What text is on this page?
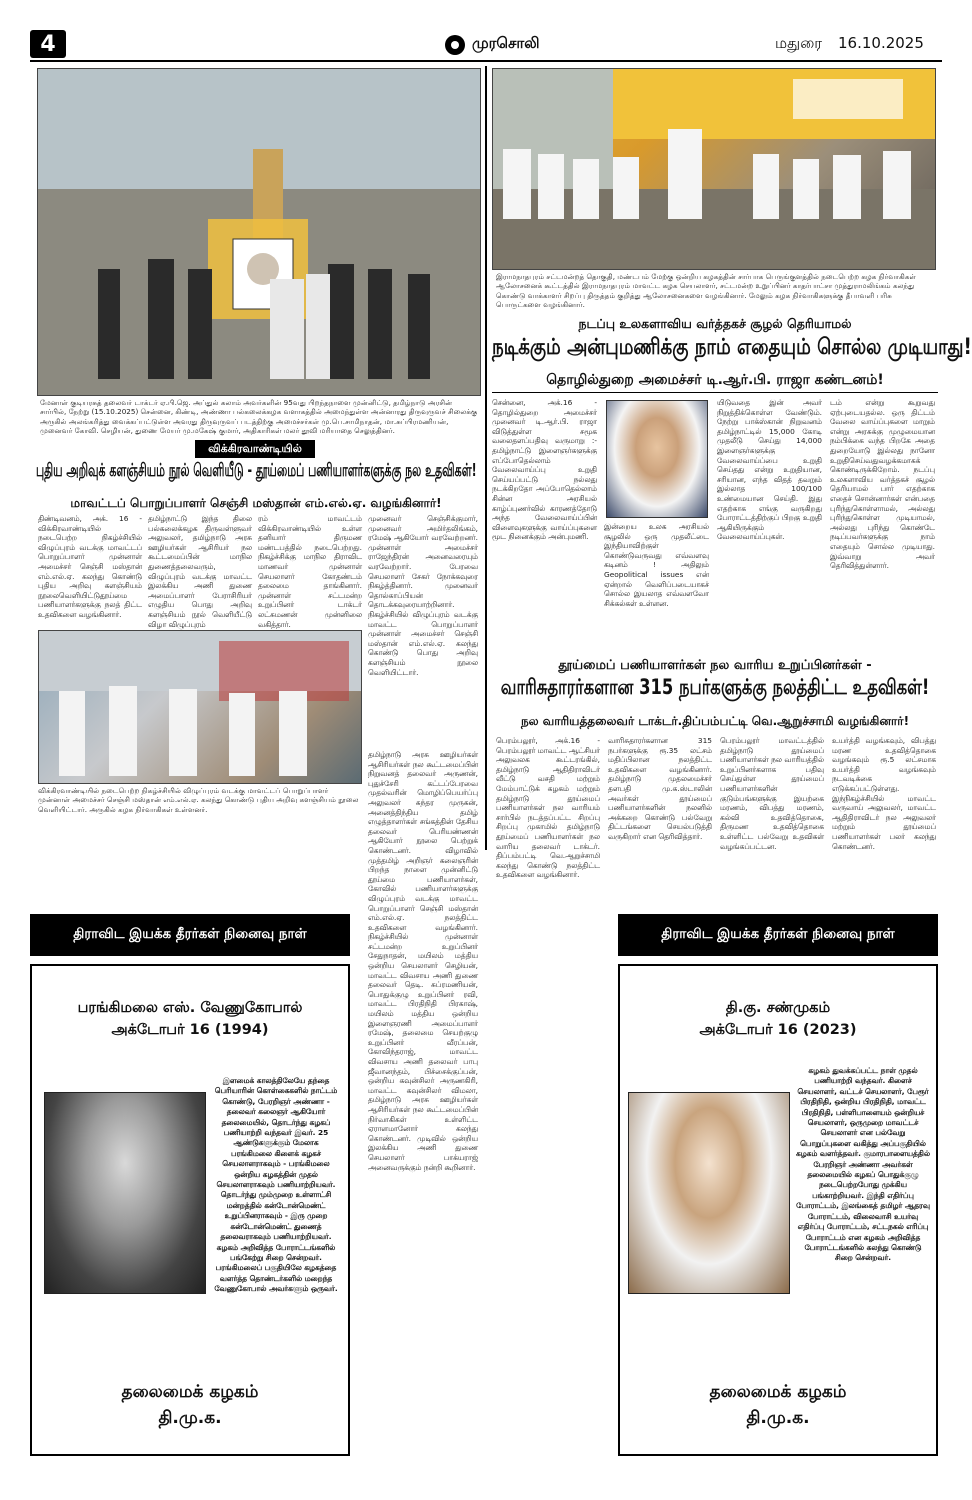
4	முரசொலி	மதுரை 16.10.2025
மேனாள் குடியரசுத் தலைவர் டாக்டர் ஏ.பி.ஜெ. அப்துல் கலாம் அவர்களின் 95வது பிறந்தநாளை முன்னிட்டு, தமிழ்நாடு அரசின் சார்பில், நேற்று (15.10.2025) சென்னை, கிண்டி, அண்ணா பல்கலைக்கழக வளாகத்தில் அமைந்துள்ள அன்னாரது திருவுருவச் சிலைக்கு அருகில் அலங்கரித்து வைக்கப்பட்டுள்ள அவரது திருவுருவப் படத்திற்கு அமைச்சர்கள் மு.பெ.சாமிநாதன், மா.சுப்பிரமணியன், முனைவர் கோவி. செழியன், துணை மேயர் மு.மகேஷ் குமார், அதிகாரிகள் மலர் தூவி மரியாதை செலுத்தினர்.
இராமநாதபுரம் சட்டமன்றத் தொகுதி, மண்டபம் மேற்கு ஒன்றிய கழகத்தின் சார்பாக பெருங்குளத்தில் நடைபெற்ற கழக நிர்வாகிகள் ஆலோசனைக் கூட்டத்தில் இராமநாதபுரம் மாவட்ட கழக செயலாளர், சட்டமன்ற உறுப்பினர் காதர்பாட்சா முத்துராமலிங்கம் கலந்து கொண்டு வாக்காளர் சிறப்பு திருத்தம் குறித்து ஆலோசனைகளை வழங்கினார். மேலும் கழக நிர்வாகிகளுக்கு தீபாவளி பரிசு பொருட்களை வழங்கினார்.
நடப்பு உலகளாவிய வர்த்தகச் சூழல் தெரியாமல்
நடிக்கும் அன்புமணிக்கு நாம் எதையும் சொல்ல முடியாது!
தொழில்துறை அமைச்சர் டி.ஆர்.பி. ராஜா கண்டனம்!
சென்னை, அக்.16 - தொழில்துறை அமைச்சர் முனைவர் டி.ஆர்.பி. ராஜா விடுத்துள்ள சமூக வலைதளப்பதிவு வருமாறு :- தமிழ்நாட்டு இளைஞர்களுக்கு எப்போதெல்லாம் வேலைவாய்ப்பு உறுதி செய்யப்பட்டு நல்லது நடக்கிறதோ அப்போதெல்லாம் சின்ன அரசியல் காழ்ப்புணர்வில் காரணத்தோடு அந்த வேலைவாய்ப்பின் விளைவுகளுக்கு வாய்ப்புகளை மூட நினைக்கும் அன்புமணி.
இன்றைய உலக அரசியல் சூழலில் ஒரு முதலீட்டை இந்தியாவிற்குள் கொண்டுவருவது எவ்வளவு கடினம் ! அதிலும் Geopolitical issues என் ஏன்றால் வெளிப்படையாகச் சொல்ல இயலாத எவ்வளவோ சிக்கல்கள் உள்ளன.
யிடுவதை இன் அவர் நிறுத்திக்கொள்ள வேண்டும். நேற்று பாக்ஸ்கான் நிறுவனம் தமிழ்நாட்டில் 15,000 கோடி முதலீடு செய்து 14,000 இளைஞர்களுக்கு வேலைவாய்ப்பை உறுதி செய்தது என்று உறுதியான, சரியான, எந்த விதத் தவறும் இல்லாத 100/100 உண்மையான செய்தி. இது எதற்காக எங்கு வருகிறது போராட்டத்திற்குப் பிறகு உறுதி ஆகியிருக்கும் வேலைவாய்ப்புகள்.
டம் என்று கூறுவது ஏற்புடையதல்ல. ஒரு திட்டம் வேலை வாய்ப்புகளை மாறும் என்று அரசுக்கு முழுமையான நம்பிக்கை வந்த பிறகே அதை துறையோடு இல்லது நானோ உறுதிசெய்வதுவழக்கமாகக் கொண்டிருக்கிறோம். நடப்பு உலகளாவிய வர்த்தகச் சூழல் தெரியாமல் பார் எதற்காக எதைச் சொன்னார்கள் என்பதை புரிந்துகொள்ளாமல், அல்லது புரிந்துகொள்ள முடியாமல், அல்லது புரிந்து கொண்டே நடிப்பவர்களுக்கு நாம் எதையும் சொல்ல முடியாது. இவ்வாறு அவர் தெரிவித்துள்ளார்.
விக்கிரவாண்டியில்
புதிய அறிவுக் களஞ்சியம் நூல் வெளியீடு - தூய்மைப் பணியாளர்களுக்கு நல உதவிகள்!
மாவட்டப் பொறுப்பாளர் செஞ்சி மஸ்தான் எம்.எல்.ஏ. வழங்கினார்!
திண்டிவனம், அக். 16 - விக்கிரவாண்டியில் நடைபெற்ற நிகழ்ச்சியில் விழுப்புரம் வடக்கு மாவட்டப் பொறுப்பாளர் முன்னாள் அமைச்சர் செஞ்சி மஸ்தான் எம்.எல்.ஏ. கலந்து கொண்டு புதிய அறிவு களஞ்சியம் நூலைவெளியிட்டுதூய்மை பணியாளர்களுக்கு நலத் திட்ட உதவிகளை வழங்கினார்.
தமிழ்நாட்டு இந்த திலை பல்கலைக்கழக திருவள்ளுவர் அலுவலர், தமிழ்நாடு அரசு ஊழியர்கள் ஆசிரியர் நல கூட்டமைப்பின் மாநில துணைத்தலைவரும், விழுப்புரம் வடக்கு மாவட்ட இலக்கிய அணி துணை அமைப்பாளர் பேராசிரியர் எழுதிய பொது அறிவு களஞ்சியம் நூல் வெளியீட்டு விழா விழுப்புரம்
ரம் மாவட்டம் விக்கிரவாண்டியில் உள்ள தனியார் திருமண மண்டபத்தில் நடைபெற்றது. நிகழ்ச்சிக்கு மாநில திராவிட மாணவர் முன்னாள் செயலாளர் கோதண்டம் தலைமை தாங்கினார். முன்னாள் சட்டமன்ற உறுப்பினர் டாக்டர் லட்சுமணன் முன்னிலை வகித்தார்.
முனைவர் செஞ்சிக்குமார், முனைவர் அமிர்தலிங்கம், ரமேஷ் ஆகியோர் வரவேற்றனர். முன்னாள் அமைச்சர் ராஜேந்திரன் அனைவரையும் வரவேற்றார். பேரவை செயலாளர் சேகர் நோக்கவுரை நிகழ்த்தினார். முனைவர் தொல்காப்பியன் தொடக்கவுரையாற்றினார். நிகழ்ச்சியில் விழுப்புரம் வடக்கு மாவட்ட பொறுப்பாளர் முன்னாள் அமைச்சர் செஞ்சி மஸ்தான் எம்.எல்.ஏ. கலந்து கொண்டு பொது அறிவு களஞ்சியம் நூலை வெளியிட்டார்.
விக்கிரவாண்டியில் நடைபெற்ற நிகழ்ச்சியில் விழுப்புரம் வடக்கு மாவட்டப் பொறுப்பாளர் முன்னாள் அமைச்சர் செஞ்சி மஸ்தான் எம்.எல்.ஏ. கலந்து கொண்டு புதிய அறிவு களஞ்சியம் நூலை வெளியிட்டார். அருகில் கழக நிர்வாகிகள் உள்ளனர்.
தமிழ்நாடு அரசு ஊழியர்கள் ஆசிரியர்கள் நல கூட்டமைப்பின் நிறுவனத் தலைவர் அருணன், புதுச்சேரி கட்டப்பேரவை முதல்வரின் மொழிப்பெயர்ப்பு அலுவலர் சுந்தர முருகன், அனைத்திந்திய தமிழ் எழுத்தாளர்கள் சங்கத்தின் தேசிய தலைவர் பெரியண்ணன் ஆகியோர் நூலை பெற்றுக் கொண்டனர். விழாவில் முத்தமிழ் அறிஞர் கலைஞரின் பிறந்த நாளை முன்னிட்டு தூய்மை பணியாளர்கள், கோவில் பணியாளர்களுக்கு விழுப்புரம் வடக்கு மாவட்ட பொறுப்பாளர் செஞ்சி மஸ்தான் எம்.எல்.ஏ. நலத்திட்ட உதவிகளை வழங்கினார். நிகழ்ச்சியில் முன்னாள் சட்டமன்ற உறுப்பினர் சேதுநாதன், மயிலம் மத்திய ஒன்றிய செயலாளர் செழியன், மாவட்ட விவசாய அணி துணை தலைவர் தெடி. சுப்ரமணியன், பொதுக்குழு உறுப்பினர் ரவி, மாவட்ட பிரதிநிதி பிரகாஷ், மயிலம் மத்திய ஒன்றிய இளைஞரணி அமைப்பாளர் ரமேஷ், தலைமை செயற்குழு உறுப்பினர் வீரப்பன், கோவிந்தராஜ், மாவட்ட விவசாய அணி தலைவர் பாபு ஜீவானந்தம், பிச்சைக்குப்பன், ஒன்றிய கவுன்சிலர் அருணகிரி, மாவட்ட கவுன்சிலர் விமலா, தமிழ்நாடு அரசு ஊழியர்கள் ஆசிரியர்கள் நல கூட்டமைப்பின் நிர்வாகிகள் உள்ளிட்ட ஏராளமானோர் கலந்து கொண்டனர். முடிவில் ஒன்றிய இலக்கிய அணி துணை செயலாளர் பாக்யராஜ் அனைவருக்கும் நன்றி கூறினார்.
தூய்மைப் பணியாளர்கள் நல வாரிய உறுப்பினர்கள் -
வாரிசுதாரர்களான 315 நபர்களுக்கு நலத்திட்ட உதவிகள்!
நல வாரியத்தலைவர் டாக்டர்.திப்பம்பட்டி வெ.ஆறுச்சாமி வழங்கினார்!
பெரம்பலூர், அக்.16 - பெரம்பலூர் மாவட்ட ஆட்சியர் அலுவலக கூட்டரங்கில், தமிழ்நாடு ஆதிதிராவிடர் வீட்டு வசதி மற்றும் மேம்பாட்டுக் கழகம் மற்றும் தமிழ்நாடு தூய்மைப் பணியாளர்கள் நல வாரியம் சார்பில் நடத்தப்பட்ட சிறப்பு சிறப்பு முகாமில் தமிழ்நாடு தூய்மைப் பணியாளர்கள் நல வாரிய தலைவர் டாக்டர். திப்பம்பட்டி வெ.ஆறுச்சாமி கலந்து கொண்டு நலத்திட்ட உதவிகளை வழங்கினார்.
வாரிசுதாரர்களான 315 நபர்களுக்கு ரூ.35 லட்சம் மதிப்பிலான நலத்திட்ட உதவிகளை வழங்கினார். தமிழ்நாடு முதலமைச்சர் தளபதி மு.க.ஸ்டாலின் அவர்கள் தூய்மைப் பணியாளர்களின் நலனில் அக்கறை கொண்டு பல்வேறு திட்டங்களை செயல்படுத்தி வருகிறார் என தெரிவித்தார்.
பெரம்பலூர் மாவட்டத்தில் தமிழ்நாடு தூய்மைப் பணியாளர்கள் நல வாரியத்தில் உறுப்பினர்களாக பதிவு செய்துள்ள தூய்மைப் பணியாளர்களின் குடும்பங்களுக்கு இயற்கை மரணம், விபத்து மரணம், கல்வி உதவித்தொகை, திருமண உதவித்தொகை உள்ளிட்ட பல்வேறு உதவிகள் வழங்கப்பட்டன.
உயர்த்தி வழங்கவும், விபத்து மரண உதவித்தொகை வழங்கவும் ரூ.5 லட்சமாக உயர்த்தி வழங்கவும் நடவடிக்கை எடுக்கப்பட்டுள்ளது. இந்நிகழ்ச்சியில் மாவட்ட வருவாய் அலுவலர், மாவட்ட ஆதிதிராவிடர் நல அலுவலர் மற்றும் தூய்மைப் பணியாளர்கள் பலர் கலந்து கொண்டனர்.
திராவிட இயக்க தீரர்கள் நினைவு நாள்
பரங்கிமலை எஸ். வேணுகோபால்
அக்டோபர் 16 (1994)
இளமைக் காலத்திலேயே தந்தை பெரியாரின் கொள்கைகளில் நாட்டம் கொண்டு, பேரறிஞர் அண்ணா - தலைவர் கலைஞர் ஆகியோர் தலைமையில், தொடர்ந்து கழகப் பணியாற்றி வந்தவர் இவர். 25 ஆண்டுகளுக்கும் மேலாக பரங்கிமலை கிளைக் கழகச் செயலாளராகவும் - பரங்கிமலை ஒன்றிய கழகத்தின் முதல் செயலாளராகவும் பணியாற்றியவர். தொடர்ந்து மும்முறை உள்ளாட்சி மன்றத்தில் கன்டோன்மெண்ட் உறுப்பினராகவும் - இரு முறை கன்டோன்மெண்ட் துணைத் தலைவராகவும் பணியாற்றியவர். கழகம் அறிவித்த போராட்டங்களில் பங்கேற்று சிறை சென்றவர். பரங்கிமலைப் பகுதியிலே கழகத்தை வளர்த்த தொண்டர்களில் மறைந்த வேணுகோபால் அவர்களும் ஒருவர்.
தலைமைக் கழகம்
தி.மு.க.
திராவிட இயக்க தீரர்கள் நினைவு நாள்
தி.கு. சண்முகம்
அக்டோபர் 16 (2023)
கழகம் துவக்கப்பட்ட நாள் முதல் பணியாற்றி வந்தவர். கிளைச் செயலாளர், வட்டச் செயலாளர், பேரூர் பிரதிநிதி, ஒன்றிய பிரதிநிதி, மாவட்ட பிரதிநிதி, பள்ளிபாளையம் ஒன்றியச் செயலாளர், ஒருமுறை மாவட்டச் செயலாளர் என பல்வேறு பொறுப்புகளை வகித்து அப்பகுதியில் கழகம் வளர்த்தவர். குமாரபாளையத்தில் பேரறிஞர் அண்ணா அவர்கள் தலைமையில் கழகப் பொதுக்குழு நடைபெற்றபோது முக்கிய பங்காற்றியவர். இந்தி எதிர்ப்பு போராட்டம், இலங்கைத் தமிழர் ஆதரவு போராட்டம், விலைவாசி உயர்வு எதிர்ப்பு போராட்டம், சட்டநகல் எரிப்பு போராட்டம் என கழகம் அறிவித்த போராட்டங்களில் கலந்து கொண்டு சிறை சென்றவர்.
தலைமைக் கழகம்
தி.மு.க.
